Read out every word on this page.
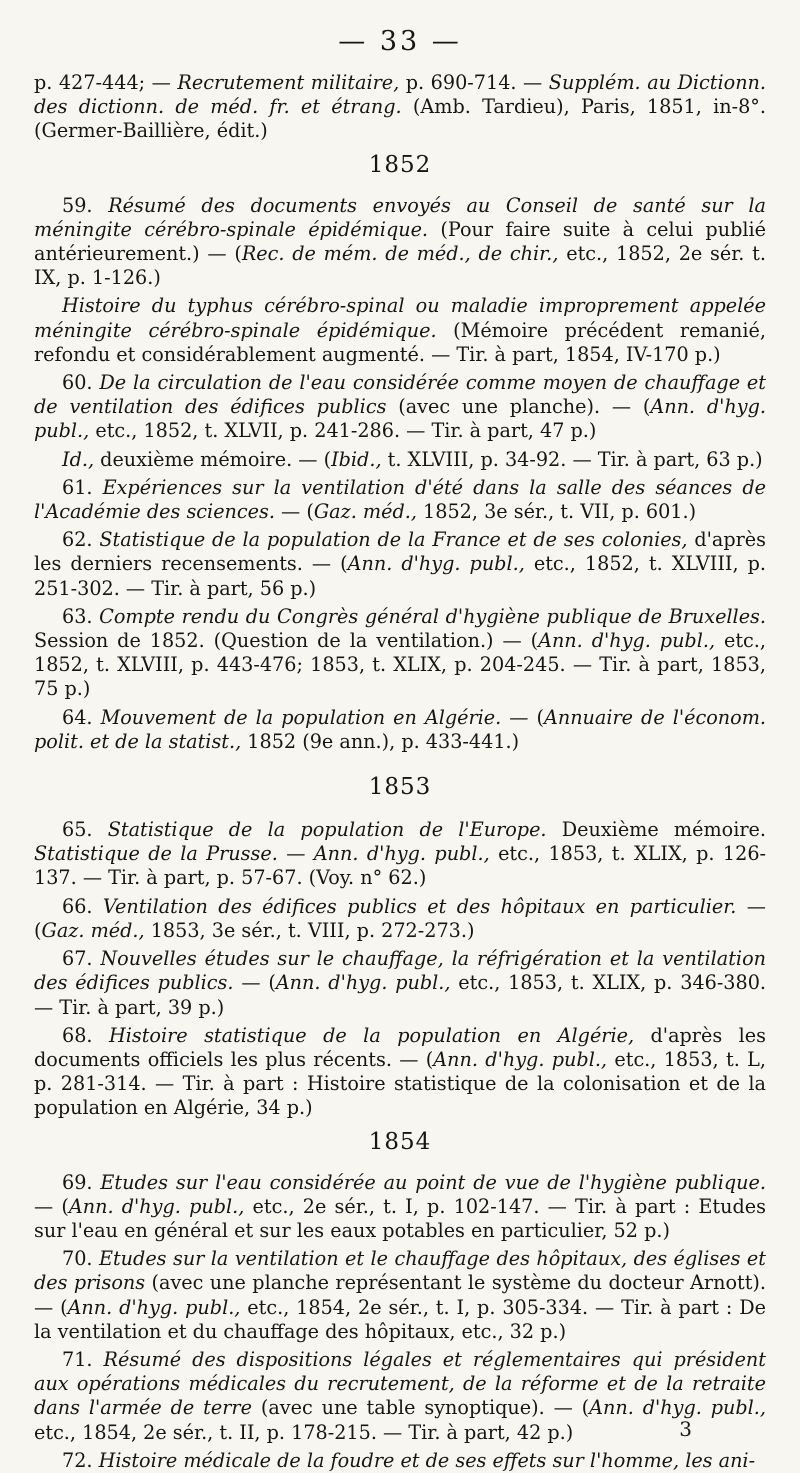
— 33 —

p. 427-444; — Recrutement militaire, p. 690-714. — Supplém. au Dictionn. des dictionn. de méd. fr. et étrang. (Amb. Tardieu), Paris, 1851, in-8°. (Germer-Baillière, édit.)

1852

59. Résumé des documents envoyés au Conseil de santé sur la méningite cérébro-spinale épidémique. (Pour faire suite à celui publié antérieurement.) — (Rec. de mém. de méd., de chir., etc., 1852, 2e sér. t. IX, p. 1-126.)

Histoire du typhus cérébro-spinal ou maladie improprement appelée méningite cérébro-spinale épidémique. (Mémoire précédent remanié, refondu et considérablement augmenté. — Tir. à part, 1854, IV-170 p.)

60. De la circulation de l'eau considérée comme moyen de chauffage et de ventilation des édifices publics (avec une planche). — (Ann. d'hyg. publ., etc., 1852, t. XLVII, p. 241-286. — Tir. à part, 47 p.)

Id., deuxième mémoire. — (Ibid., t. XLVIII, p. 34-92. — Tir. à part, 63 p.)

61. Expériences sur la ventilation d'été dans la salle des séances de l'Académie des sciences. — (Gaz. méd., 1852, 3e sér., t. VII, p. 601.)

62. Statistique de la population de la France et de ses colonies, d'après les derniers recensements. — (Ann. d'hyg. publ., etc., 1852, t. XLVIII, p. 251-302. — Tir. à part, 56 p.)

63. Compte rendu du Congrès général d'hygiène publique de Bruxelles. Session de 1852. (Question de la ventilation.) — (Ann. d'hyg. publ., etc., 1852, t. XLVIII, p. 443-476; 1853, t. XLIX, p. 204-245. — Tir. à part, 1853, 75 p.)

64. Mouvement de la population en Algérie. — (Annuaire de l'économ. polit. et de la statist., 1852 (9e ann.), p. 433-441.)

1853

65. Statistique de la population de l'Europe. Deuxième mémoire. Statistique de la Prusse. — Ann. d'hyg. publ., etc., 1853, t. XLIX, p. 126-137. — Tir. à part, p. 57-67. (Voy. n° 62.)

66. Ventilation des édifices publics et des hôpitaux en particulier. — (Gaz. méd., 1853, 3e sér., t. VIII, p. 272-273.)

67. Nouvelles études sur le chauffage, la réfrigération et la ventilation des édifices publics. — (Ann. d'hyg. publ., etc., 1853, t. XLIX, p. 346-380. — Tir. à part, 39 p.)

68. Histoire statistique de la population en Algérie, d'après les documents officiels les plus récents. — (Ann. d'hyg. publ., etc., 1853, t. L, p. 281-314. — Tir. à part : Histoire statistique de la colonisation et de la population en Algérie, 34 p.)

1854

69. Etudes sur l'eau considérée au point de vue de l'hygiène publique. — (Ann. d'hyg. publ., etc., 2e sér., t. I, p. 102-147. — Tir. à part : Etudes sur l'eau en général et sur les eaux potables en particulier, 52 p.)

70. Etudes sur la ventilation et le chauffage des hôpitaux, des églises et des prisons (avec une planche représentant le système du docteur Arnott). — (Ann. d'hyg. publ., etc., 1854, 2e sér., t. I, p. 305-334. — Tir. à part : De la ventilation et du chauffage des hôpitaux, etc., 32 p.)

71. Résumé des dispositions légales et réglementaires qui président aux opérations médicales du recrutement, de la réforme et de la retraite dans l'armée de terre (avec une table synoptique). — (Ann. d'hyg. publ., etc., 1854, 2e sér., t. II, p. 178-215. — Tir. à part, 42 p.)

72. Histoire médicale de la foudre et de ses effets sur l'homme, les ani-

3
